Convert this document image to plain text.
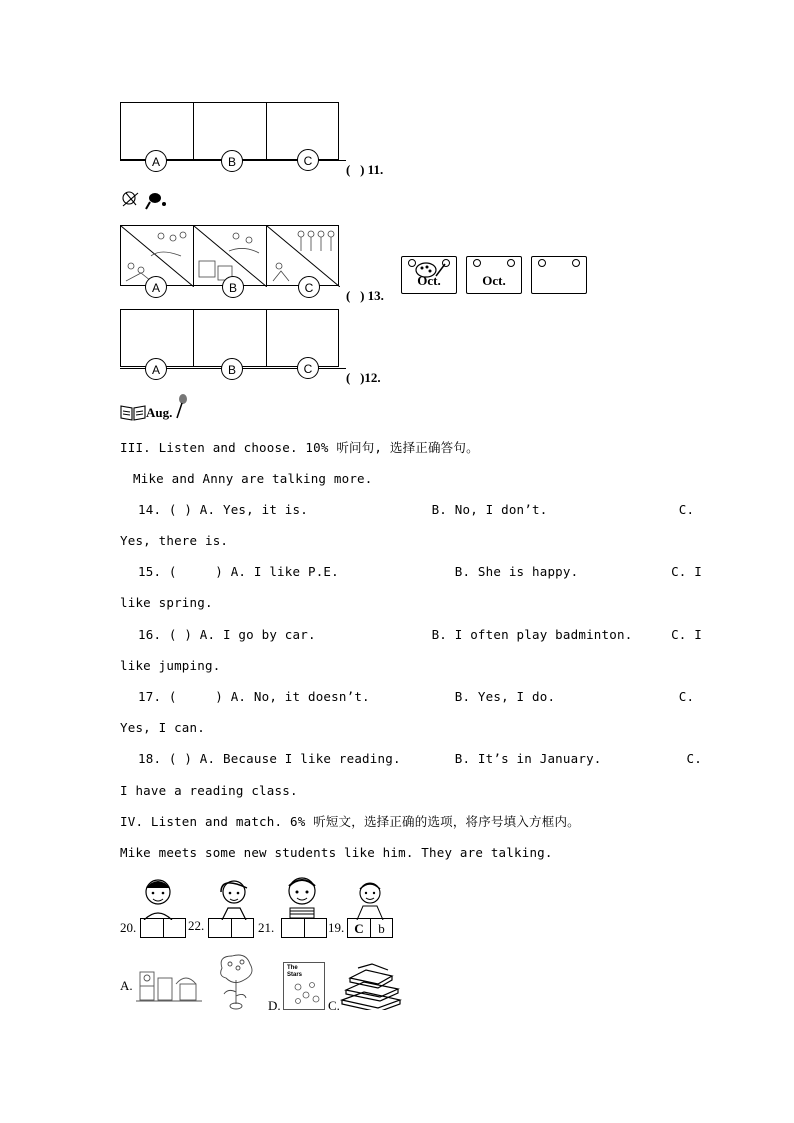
A	B	C
(   ) 11.
A	B	C	(   ) 13.
Oct.	Oct.
A	B	C
(   )12.
Aug.
III. Listen and choose. 10% 听问句, 选择正确答句。
Mike and Anny are talking more.
14. ( ) A. Yes, it is.                B. No, I don’t.                 C.
Yes, there is.
15. (     ) A. I like P.E.               B. She is happy.            C. I
like spring.
16. ( ) A. I go by car.               B. I often play badminton.     C. I
like jumping.
17. (     ) A. No, it doesn’t.           B. Yes, I do.                C.
Yes, I can.
18. ( ) A. Because I like reading.       B. It’s in January.           C.
I have a reading class.
IV. Listen and match. 6% 听短文，选择正确的选项，将序号填入方框内。
Mike meets some new students like him. They are talking.
20.	22.	21.	19. C	b
A.
D.
The Stars
C.
